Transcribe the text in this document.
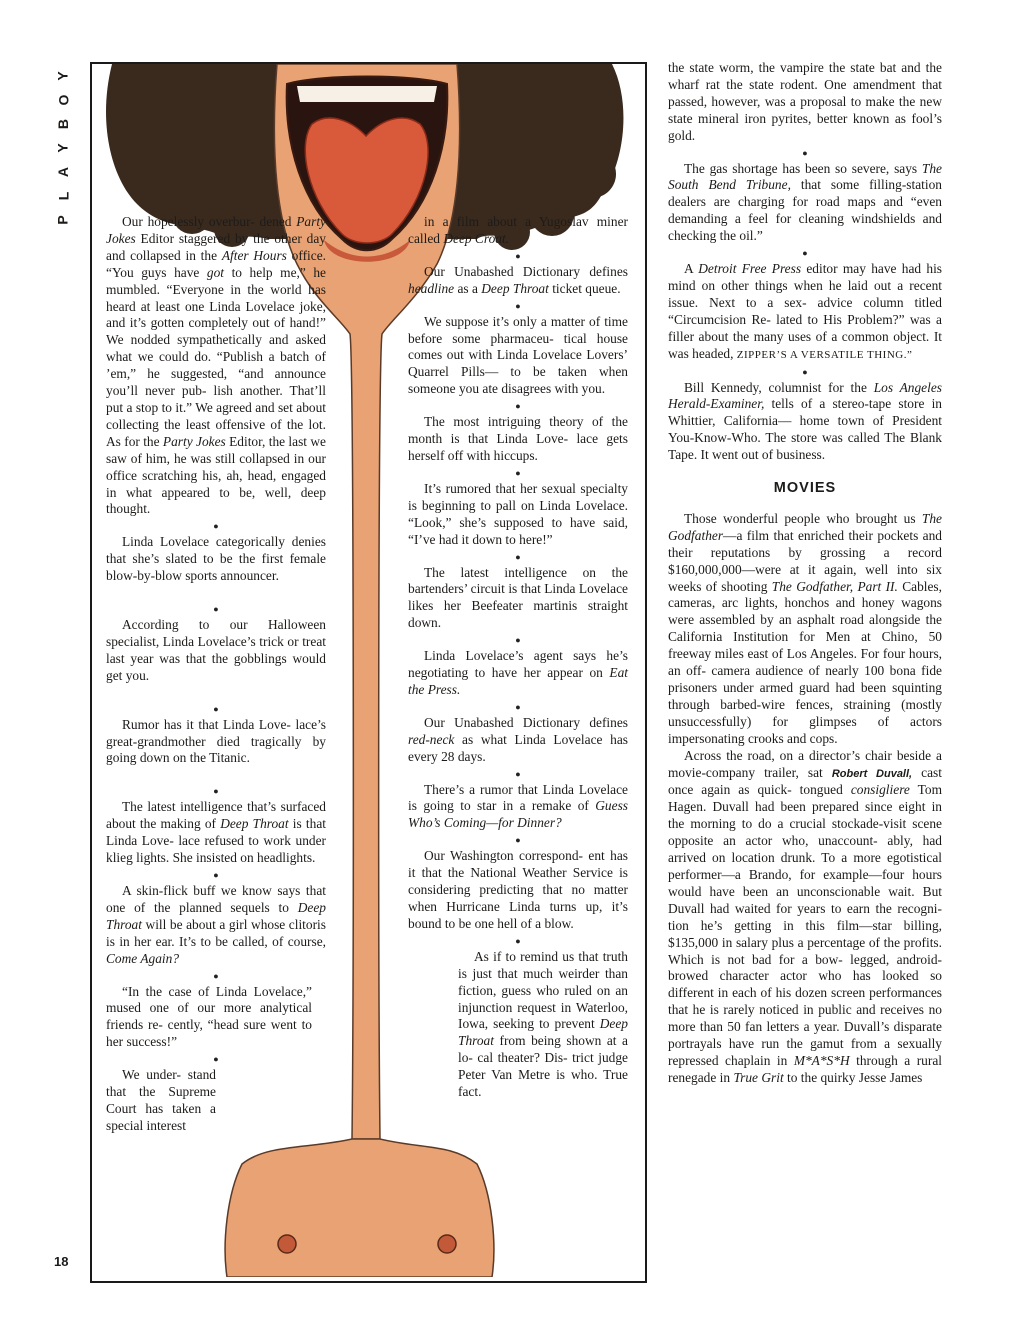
Y
O
B
Y
A
L
P
18

Our hopelessly overbur- dened Party Jokes Editor staggered by the other day and collapsed in the After Hours office. “You guys have got to help me,” he mumbled. “Everyone in the world has heard at least one Linda Lovelace joke, and it’s gotten completely out of hand!” We nodded sympathetically and asked what we could do. “Publish a batch of ’em,” he suggested, “and announce you’ll never pub- lish another. That’ll put a stop to it.” We agreed and set about collecting the least offensive of the lot. As for the Party Jokes Editor, the last we saw of him, he was still collapsed in our office scratching his, ah, head, engaged in what appeared to be, well, deep thought.

●

Linda Lovelace categorically denies that she’s slated to be the first female blow-by-blow sports announcer.

●

According to our Halloween specialist, Linda Lovelace’s trick or treat last year was that the gobblings would get you.

●

Rumor has it that Linda Love- lace’s great-grandmother died tragically by going down on the Titanic.

●

The latest intelligence that’s surfaced about the making of Deep Throat is that Linda Love- lace refused to work under klieg lights. She insisted on headlights.

●

A skin-flick buff we know says that one of the planned sequels to Deep Throat will be about a girl whose clitoris is in her ear. It’s to be called, of course, Come Again?

●

“In the case of Linda Lovelace,” mused one of our more analytical friends re- cently, “head sure went to her success!”

●

We under- stand that the Supreme Court has taken a special interest

in a film about a Yugoslav miner called Deep Croat.

●

Our Unabashed Dictionary defines headline as a Deep Throat ticket queue.

●

We suppose it’s only a matter of time before some pharmaceu- tical house comes out with Linda Lovelace Lovers’ Quarrel Pills— to be taken when someone you ate disagrees with you.

●

The most intriguing theory of the month is that Linda Love- lace gets herself off with hiccups.

●

It’s rumored that her sexual specialty is beginning to pall on Linda Lovelace. “Look,” she’s supposed to have said, “I’ve had it down to here!”

●

The latest intelligence on the bartenders’ circuit is that Linda Lovelace likes her Beefeater martinis straight down.

●

Linda Lovelace’s agent says he’s negotiating to have her appear on Eat the Press.

●

Our Unabashed Dictionary defines red-neck as what Linda Lovelace has every 28 days.

●

There’s a rumor that Linda Lovelace is going to star in a remake of Guess Who’s Coming—for Dinner?

●

Our Washington correspond- ent has it that the National Weather Service is considering predicting that no matter when Hurricane Linda turns up, it’s bound to be one hell of a blow.

●

As if to remind us that truth is just that much weirder than fiction, guess who ruled on an injunction request in Waterloo, Iowa, seeking to prevent Deep Throat from being shown at a lo- cal theater? Dis- trict judge Peter Van Metre is who. True fact.

the state worm, the vampire the state bat and the wharf rat the state rodent. One amendment that passed, however, was a proposal to make the new state mineral iron pyrites, better known as fool’s gold.

●

The gas shortage has been so severe, says The South Bend Tribune, that some filling-station dealers are charging for road maps and “even demanding a feel for cleaning windshields and checking the oil.”

●

A Detroit Free Press editor may have had his mind on other things when he laid out a recent issue. Next to a sex- advice column titled “Circumcision Re- lated to His Problem?” was a filler about the many uses of a common object. It was headed, ZIPPER’S A VERSATILE THING.”

●

Bill Kennedy, columnist for the Los Angeles Herald-Examiner, tells of a stereo-tape store in Whittier, California— home town of President You-Know-Who. The store was called The Blank Tape. It went out of business.

MOVIES

Those wonderful people who brought us The Godfather—a film that enriched their pockets and their reputations by grossing a record $160,000,000—were at it again, well into six weeks of shooting The Godfather, Part II. Cables, cameras, arc lights, honchos and honey wagons were assembled by an asphalt road alongside the California Institution for Men at Chino, 50 freeway miles east of Los Angeles. For four hours, an off- camera audience of nearly 100 bona fide prisoners under armed guard had been squinting through barbed-wire fences, straining (mostly unsuccessfully) for glimpses of actors impersonating crooks and cops.

Across the road, on a director’s chair beside a movie-company trailer, sat Robert Duvall, cast once again as quick- tongued consigliere Tom Hagen. Duvall had been prepared since eight in the morning to do a crucial stockade-visit scene opposite an actor who, unaccount- ably, had arrived on location drunk. To a more egotistical performer—a Brando, for example—four hours would have been an unconscionable wait. But Duvall had waited for years to earn the recogni- tion he’s getting in this film—star billing, $135,000 in salary plus a percentage of the profits. Which is not bad for a bow- legged, android-browed character actor who has looked so different in each of his dozen screen performances that he is rarely noticed in public and receives no more than 50 fan letters a year. Duvall’s disparate portrayals have run the gamut from a sexually repressed chaplain in M*A*S*H through a rural renegade in True Grit to the quirky Jesse James
